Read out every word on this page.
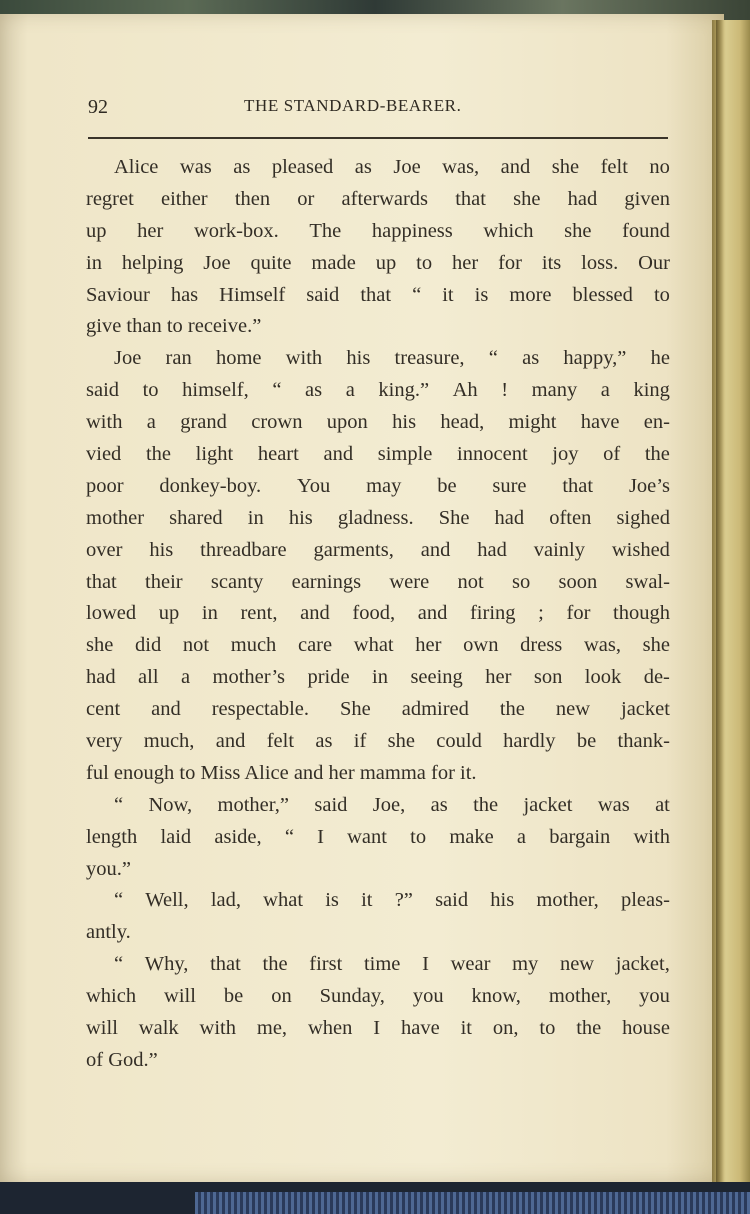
92	THE STANDARD-BEARER.
Alice was as pleased as Joe was, and she felt no
regret either then or afterwards that she had given
up her work-box. The happiness which she found
in helping Joe quite made up to her for its loss. Our
Saviour has Himself said that “ it is more blessed to
give than to receive.”
Joe ran home with his treasure, “ as happy,” he
said to himself, “ as a king.” Ah ! many a king
with a grand crown upon his head, might have en-
vied the light heart and simple innocent joy of the
poor donkey-boy. You may be sure that Joe’s
mother shared in his gladness. She had often sighed
over his threadbare garments, and had vainly wished
that their scanty earnings were not so soon swal-
lowed up in rent, and food, and firing ; for though
she did not much care what her own dress was, she
had all a mother’s pride in seeing her son look de-
cent and respectable. She admired the new jacket
very much, and felt as if she could hardly be thank-
ful enough to Miss Alice and her mamma for it.
“ Now, mother,” said Joe, as the jacket was at
length laid aside, “ I want to make a bargain with
you.”
“ Well, lad, what is it ?” said his mother, pleas-
antly.
“ Why, that the first time I wear my new jacket,
which will be on Sunday, you know, mother, you
will walk with me, when I have it on, to the house
of God.”
